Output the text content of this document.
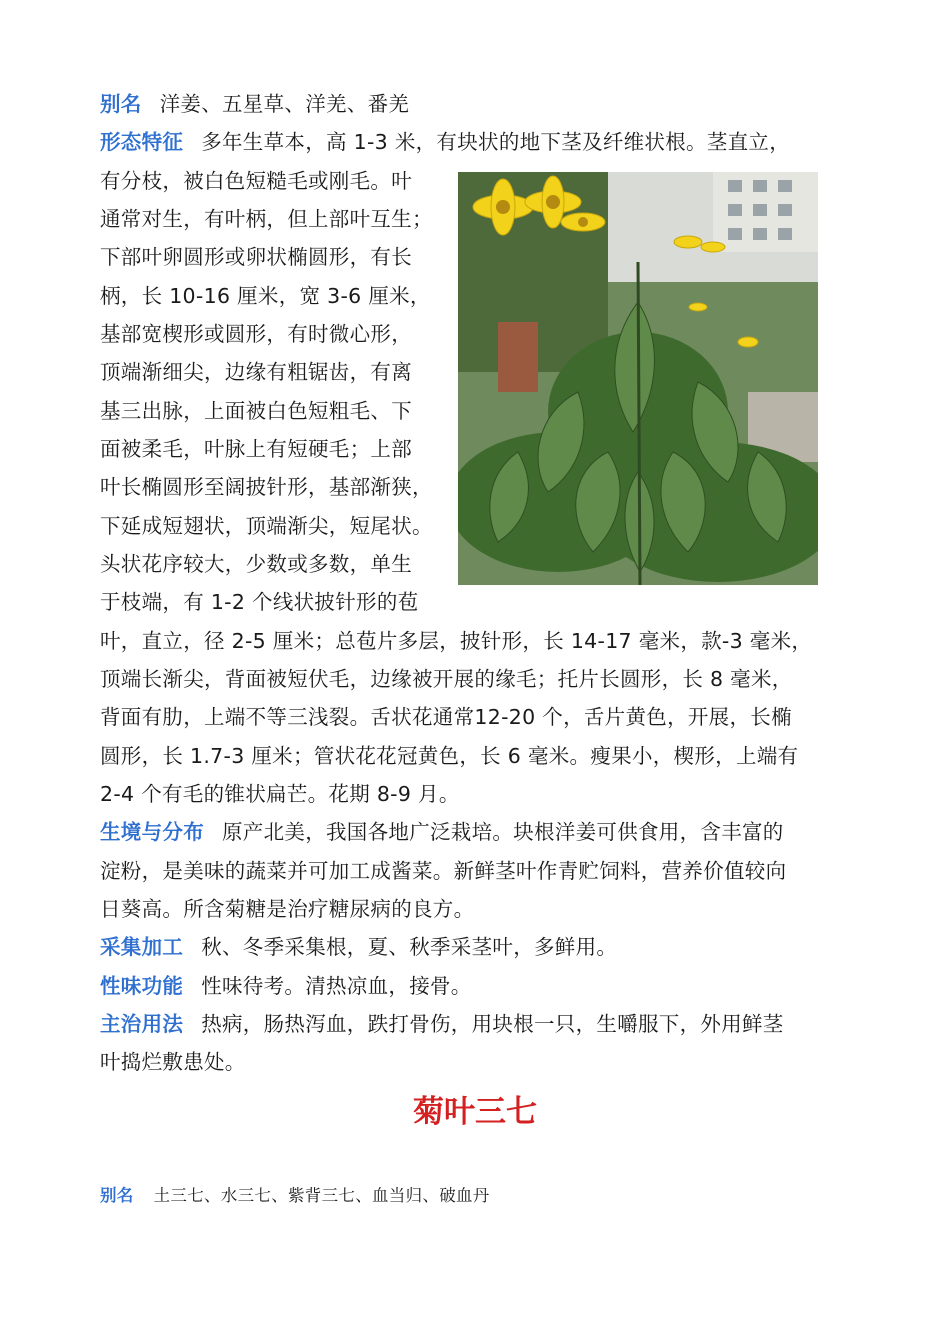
别名 洋姜、五星草、洋羌、番羌
形态特征 多年生草本，高 1-3 米，有块状的地下茎及纤维状根。茎直立，
有分枝，被白色短糙毛或刚毛。叶
通常对生，有叶柄，但上部叶互生；
下部叶卵圆形或卵状椭圆形，有长
柄，长 10-16 厘米，宽 3-6 厘米，
基部宽楔形或圆形，有时微心形，
顶端渐细尖，边缘有粗锯齿，有离
基三出脉，上面被白色短粗毛、下
面被柔毛，叶脉上有短硬毛；上部
叶长椭圆形至阔披针形，基部渐狭，
下延成短翅状，顶端渐尖，短尾状。
头状花序较大，少数或多数，单生
于枝端，有 1-2 个线状披针形的苞
叶，直立，径 2-5 厘米；总苞片多层，披针形，长 14-17 毫米，款-3 毫米，
顶端长渐尖，背面被短伏毛，边缘被开展的缘毛；托片长圆形，长 8 毫米，
背面有肋，上端不等三浅裂。舌状花通常12-20 个，舌片黄色，开展，长椭
圆形，长 1.7-3 厘米；管状花花冠黄色，长 6 毫米。瘦果小，楔形，上端有
2-4 个有毛的锥状扁芒。花期 8-9 月。
生境与分布 原产北美，我国各地广泛栽培。块根洋姜可供食用，含丰富的
淀粉，是美味的蔬菜并可加工成酱菜。新鲜茎叶作青贮饲料，营养价值较向
日葵高。所含菊糖是治疗糖尿病的良方。
采集加工 秋、冬季采集根，夏、秋季采茎叶，多鲜用。
性味功能 性味待考。清热凉血，接骨。
主治用法 热病，肠热泻血，跌打骨伤，用块根一只，生嚼服下，外用鲜茎
叶捣烂敷患处。
菊叶三七
别名 土三七、水三七、紫背三七、血当归、破血丹
